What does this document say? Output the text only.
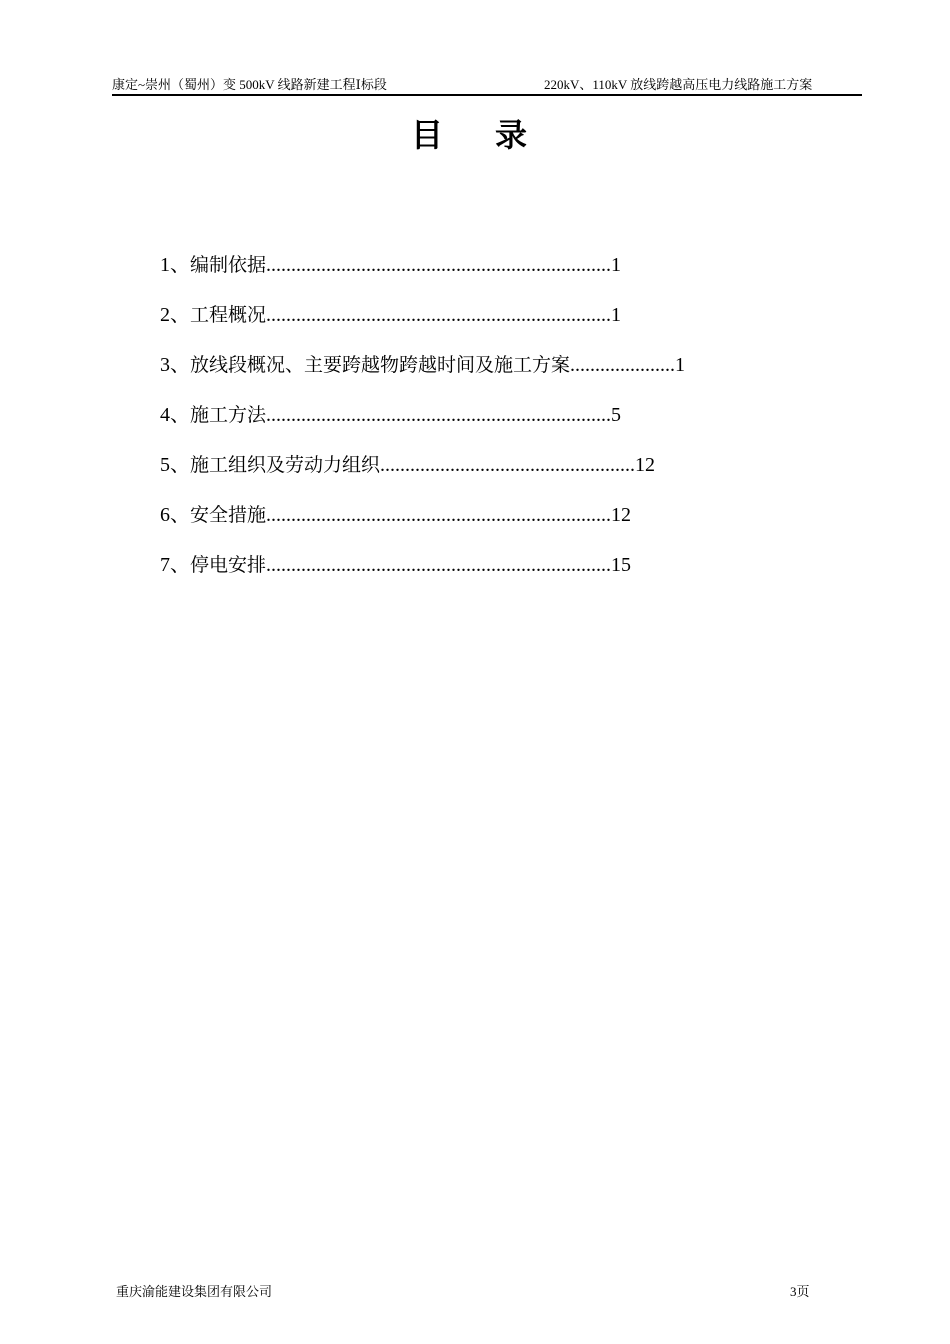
康定~崇州（蜀州）变 500kV 线路新建工程Ⅰ标段	220kV、110kV 放线跨越高压电力线路施工方案
目录
1、编制依据.....................................................................1
2、工程概况.....................................................................1
3、放线段概况、主要跨越物跨越时间及施工方案.....................1
4、施工方法.....................................................................5
5、施工组织及劳动力组织...................................................12
6、安全措施.....................................................................12
7、停电安排.....................................................................15
重庆渝能建设集团有限公司	3页
